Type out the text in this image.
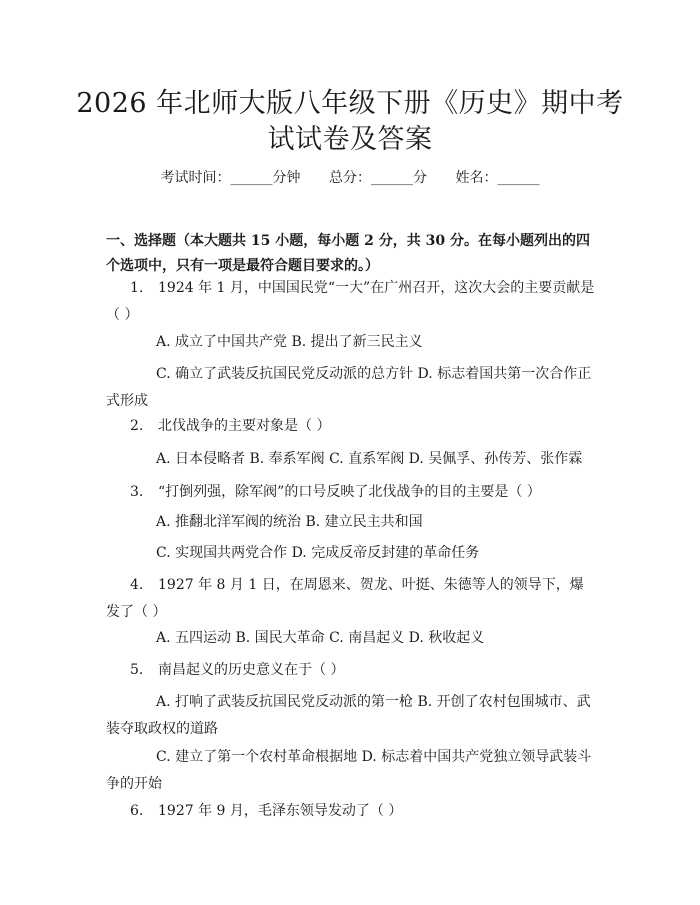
2026 年北师大版八年级下册《历史》期中考
试试卷及答案
考试时间：______分钟 总分：______分 姓名：______
一、选择题（本大题共 15 小题，每小题 2 分，共 30 分。在每小题列出的四个选项中，只有一项是最符合题目要求的。）
1. 1924 年 1 月，中国国民党“一大”在广州召开，这次大会的主要贡献是（ ）
A. 成立了中国共产党 B. 提出了新三民主义
C. 确立了武装反抗国民党反动派的总方针 D. 标志着国共第一次合作正式形成
2. 北伐战争的主要对象是（ ）
A. 日本侵略者 B. 奉系军阀 C. 直系军阀 D. 吴佩孚、孙传芳、张作霖
3. “打倒列强，除军阀”的口号反映了北伐战争的目的主要是（ ）
A. 推翻北洋军阀的统治 B. 建立民主共和国
C. 实现国共两党合作 D. 完成反帝反封建的革命任务
4. 1927 年 8 月 1 日，在周恩来、贺龙、叶挺、朱德等人的领导下，爆发了（ ）
A. 五四运动 B. 国民大革命 C. 南昌起义 D. 秋收起义
5. 南昌起义的历史意义在于（ ）
A. 打响了武装反抗国民党反动派的第一枪 B. 开创了农村包围城市、武装夺取政权的道路
C. 建立了第一个农村革命根据地 D. 标志着中国共产党独立领导武装斗争的开始
6. 1927 年 9 月，毛泽东领导发动了（ ）
